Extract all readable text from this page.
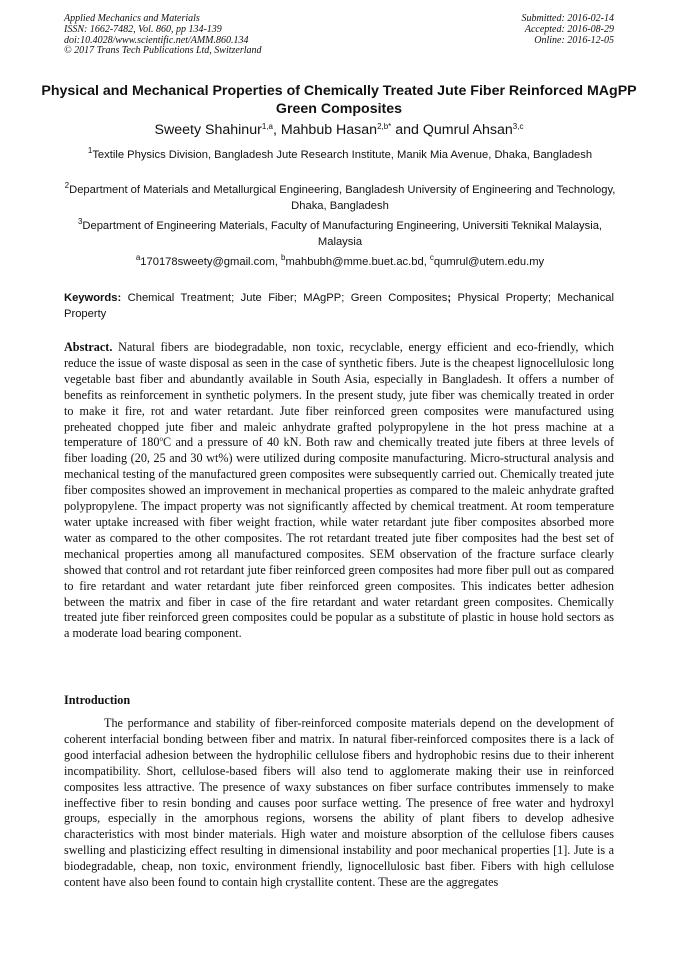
Applied Mechanics and Materials
ISSN: 1662-7482, Vol. 860, pp 134-139
doi:10.4028/www.scientific.net/AMM.860.134
© 2017 Trans Tech Publications Ltd, Switzerland
Submitted: 2016-02-14
Accepted: 2016-08-29
Online: 2016-12-05
Physical and Mechanical Properties of Chemically Treated Jute Fiber Reinforced MAgPP Green Composites
Sweety Shahinur$^{1,a}$, Mahbub Hasan$^{2,b*}$ and Qumrul Ahsan$^{3,c}$
$^1$Textile Physics Division, Bangladesh Jute Research Institute, Manik Mia Avenue, Dhaka, Bangladesh
$^2$Department of Materials and Metallurgical Engineering, Bangladesh University of Engineering and Technology, Dhaka, Bangladesh
$^3$Department of Engineering Materials, Faculty of Manufacturing Engineering, Universiti Teknikal Malaysia, Malaysia
$^a$170178sweety@gmail.com, $^b$mahbubh@mme.buet.ac.bd, $^c$qumrul@utem.edu.my
Keywords: Chemical Treatment; Jute Fiber; MAgPP; Green Composites; Physical Property; Mechanical Property
Abstract. Natural fibers are biodegradable, non toxic, recyclable, energy efficient and eco-friendly, which reduce the issue of waste disposal as seen in the case of synthetic fibers. Jute is the cheapest lignocellulosic long vegetable bast fiber and abundantly available in South Asia, especially in Bangladesh. It offers a number of benefits as reinforcement in synthetic polymers. In the present study, jute fiber was chemically treated in order to make it fire, rot and water retardant. Jute fiber reinforced green composites were manufactured using preheated chopped jute fiber and maleic anhydrate grafted polypropylene in the hot press machine at a temperature of 180$^o$C and a pressure of 40 kN. Both raw and chemically treated jute fibers at three levels of fiber loading (20, 25 and 30 wt%) were utilized during composite manufacturing. Micro-structural analysis and mechanical testing of the manufactured green composites were subsequently carried out. Chemically treated jute fiber composites showed an improvement in mechanical properties as compared to the maleic anhydrate grafted polypropylene. The impact property was not significantly affected by chemical treatment. At room temperature water uptake increased with fiber weight fraction, while water retardant jute fiber composites absorbed more water as compared to the other composites. The rot retardant treated jute fiber composites had the best set of mechanical properties among all manufactured composites. SEM observation of the fracture surface clearly showed that control and rot retardant jute fiber reinforced green composites had more fiber pull out as compared to fire retardant and water retardant jute fiber reinforced green composites. This indicates better adhesion between the matrix and fiber in case of the fire retardant and water retardant green composites. Chemically treated jute fiber reinforced green composites could be popular as a substitute of plastic in house hold sectors as a moderate load bearing component.
Introduction
The performance and stability of fiber-reinforced composite materials depend on the development of coherent interfacial bonding between fiber and matrix. In natural fiber-reinforced composites there is a lack of good interfacial adhesion between the hydrophilic cellulose fibers and hydrophobic resins due to their inherent incompatibility. Short, cellulose-based fibers will also tend to agglomerate making their use in reinforced composites less attractive. The presence of waxy substances on fiber surface contributes immensely to make ineffective fiber to resin bonding and causes poor surface wetting. The presence of free water and hydroxyl groups, especially in the amorphous regions, worsens the ability of plant fibers to develop adhesive characteristics with most binder materials. High water and moisture absorption of the cellulose fibers causes swelling and plasticizing effect resulting in dimensional instability and poor mechanical properties [1]. Jute is a biodegradable, cheap, non toxic, environment friendly, lignocellulosic bast fiber. Fibers with high cellulose content have also been found to contain high crystallite content. These are the aggregates
